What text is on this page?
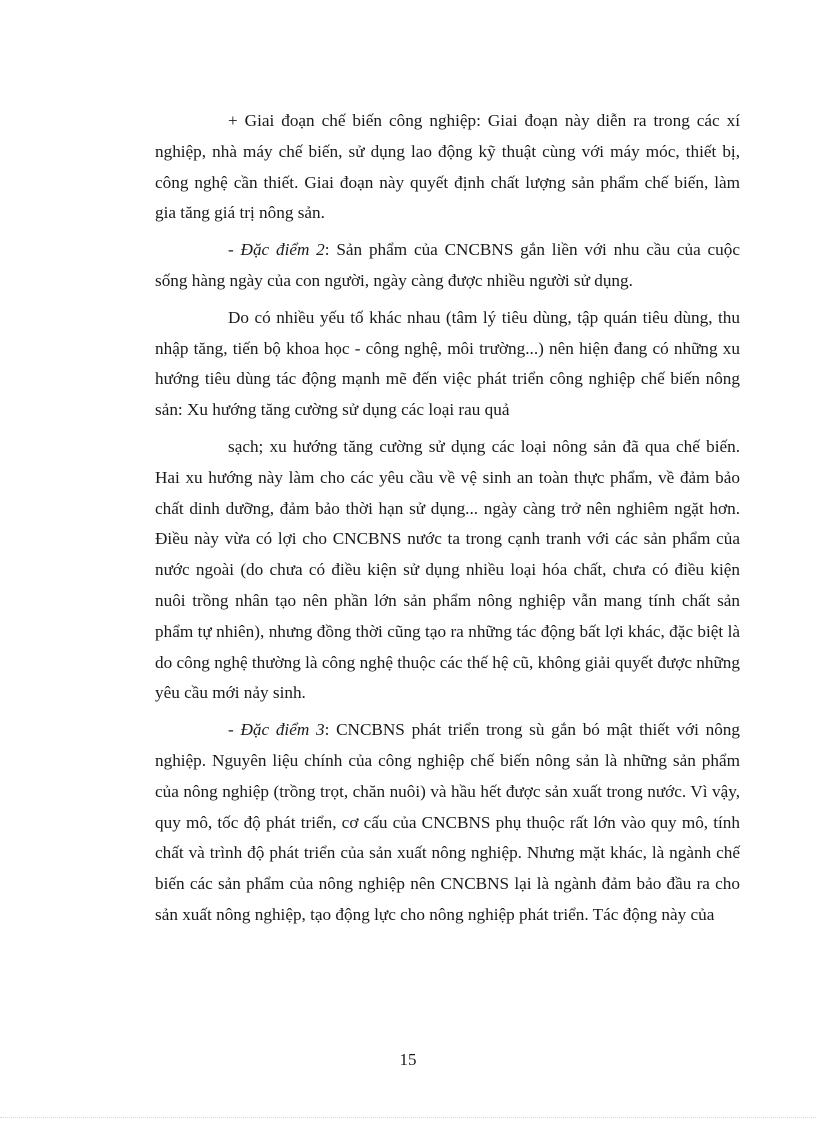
+ Giai đoạn chế biến công nghiệp: Giai đoạn này diễn ra trong các xí nghiệp, nhà máy chế biến, sử dụng lao động kỹ thuật cùng với máy móc, thiết bị, công nghệ cần thiết. Giai đoạn này quyết định chất lượng sản phẩm chế biến, làm gia tăng giá trị nông sản.

- Đặc điểm 2: Sản phẩm của CNCBNS gắn liền với nhu cầu của cuộc sống hàng ngày của con người, ngày càng được nhiều người sử dụng.

Do có nhiều yếu tố khác nhau (tâm lý tiêu dùng, tập quán tiêu dùng, thu nhập tăng, tiến bộ khoa học - công nghệ, môi trường...) nên hiện đang có những xu hướng tiêu dùng tác động mạnh mẽ đến việc phát triển công nghiệp chế biến nông sản: Xu hướng tăng cường sử dụng các loại rau quả

sạch; xu hướng tăng cường sử dụng các loại nông sản đã qua chế biến. Hai xu hướng này làm cho các yêu cầu về vệ sinh an toàn thực phẩm, về đảm bảo chất dinh dưỡng, đảm bảo thời hạn sử dụng... ngày càng trở nên nghiêm ngặt hơn. Điều này vừa có lợi cho CNCBNS nước ta trong cạnh tranh với các sản phẩm của nước ngoài (do chưa có điều kiện sử dụng nhiều loại hóa chất, chưa có điều kiện nuôi trồng nhân tạo nên phần lớn sản phẩm nông nghiệp vẫn mang tính chất sản phẩm tự nhiên), nhưng đồng thời cũng tạo ra những tác động bất lợi khác, đặc biệt là do công nghệ thường là công nghệ thuộc các thế hệ cũ, không giải quyết được những yêu cầu mới nảy sinh.

- Đặc điểm 3: CNCBNS phát triển trong sù gắn bó mật thiết với nông nghiệp. Nguyên liệu chính của công nghiệp chế biến nông sản là những sản phẩm của nông nghiệp (trồng trọt, chăn nuôi) và hầu hết được sản xuất trong nước. Vì vậy, quy mô, tốc độ phát triển, cơ cấu của CNCBNS phụ thuộc rất lớn vào quy mô, tính chất và trình độ phát triển của sản xuất nông nghiệp. Nhưng mặt khác, là ngành chế biến các sản phẩm của nông nghiệp nên CNCBNS lại là ngành đảm bảo đầu ra cho sản xuất nông nghiệp, tạo động lực cho nông nghiệp phát triển. Tác động này của

15
